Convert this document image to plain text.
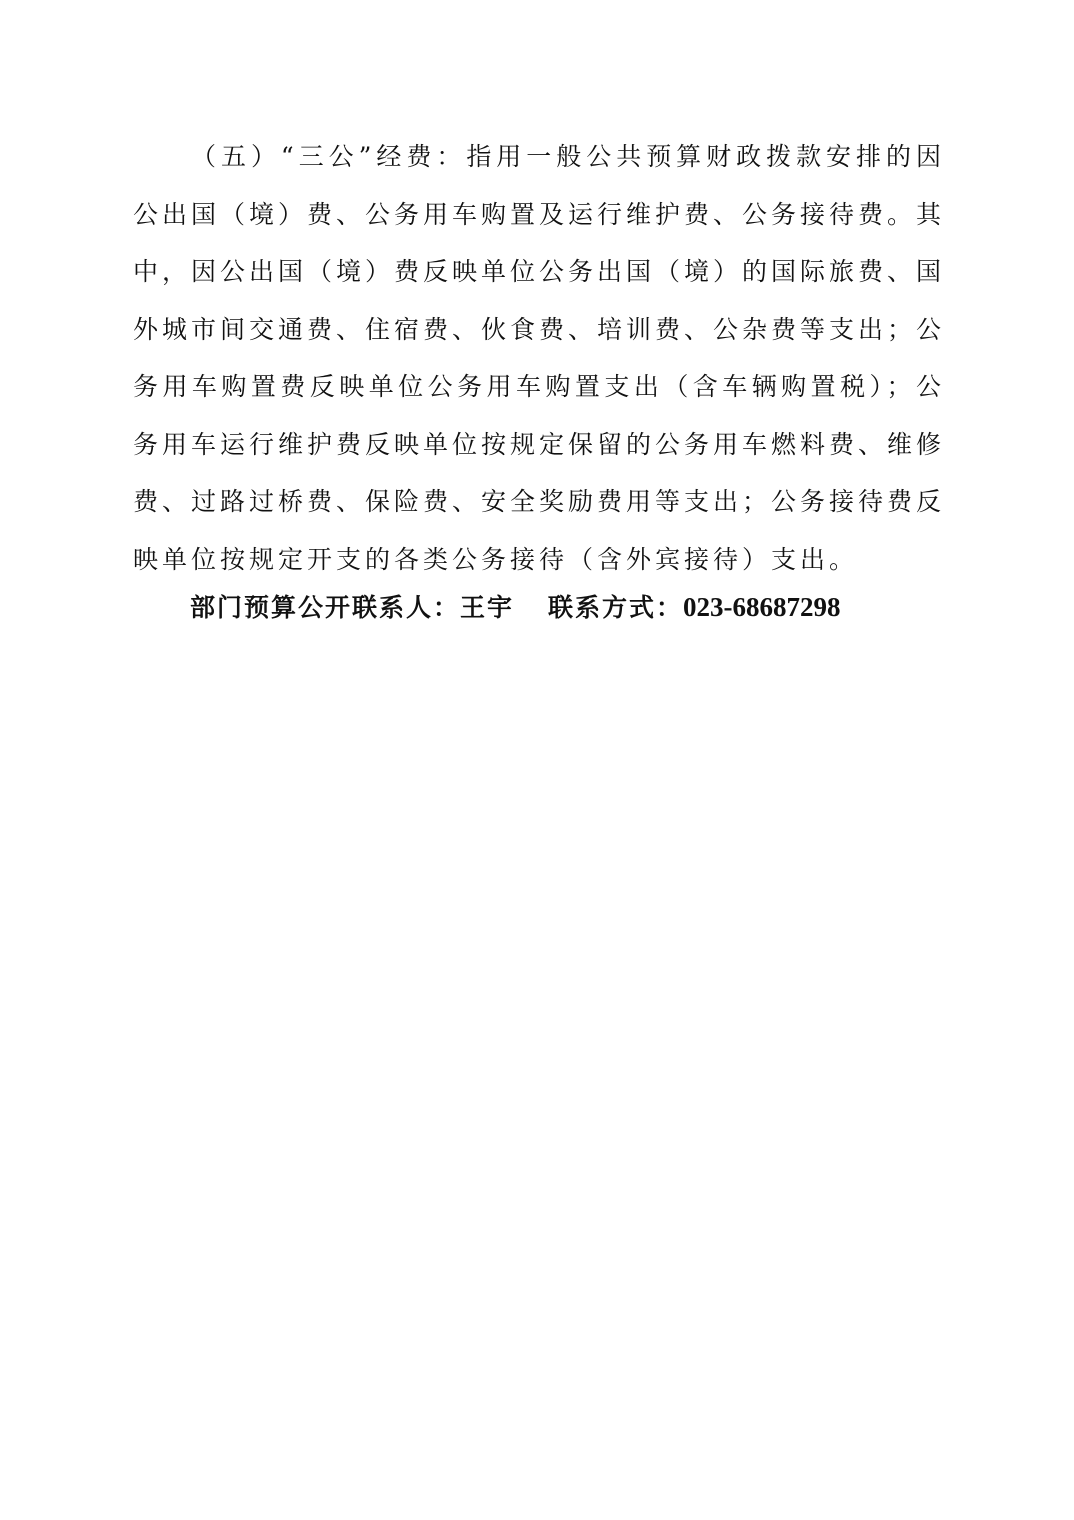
（五）“三公”经费：指用一般公共预算财政拨款安排的因
公出国（境）费、公务用车购置及运行维护费、公务接待费。其
中，因公出国（境）费反映单位公务出国（境）的国际旅费、国
外城市间交通费、住宿费、伙食费、培训费、公杂费等支出；公
务用车购置费反映单位公务用车购置支出（含车辆购置税）；公
务用车运行维护费反映单位按规定保留的公务用车燃料费、维修
费、过路过桥费、保险费、安全奖励费用等支出；公务接待费反
映单位按规定开支的各类公务接待（含外宾接待）支出。

部门预算公开联系人：王宇 联系方式：023-68687298
